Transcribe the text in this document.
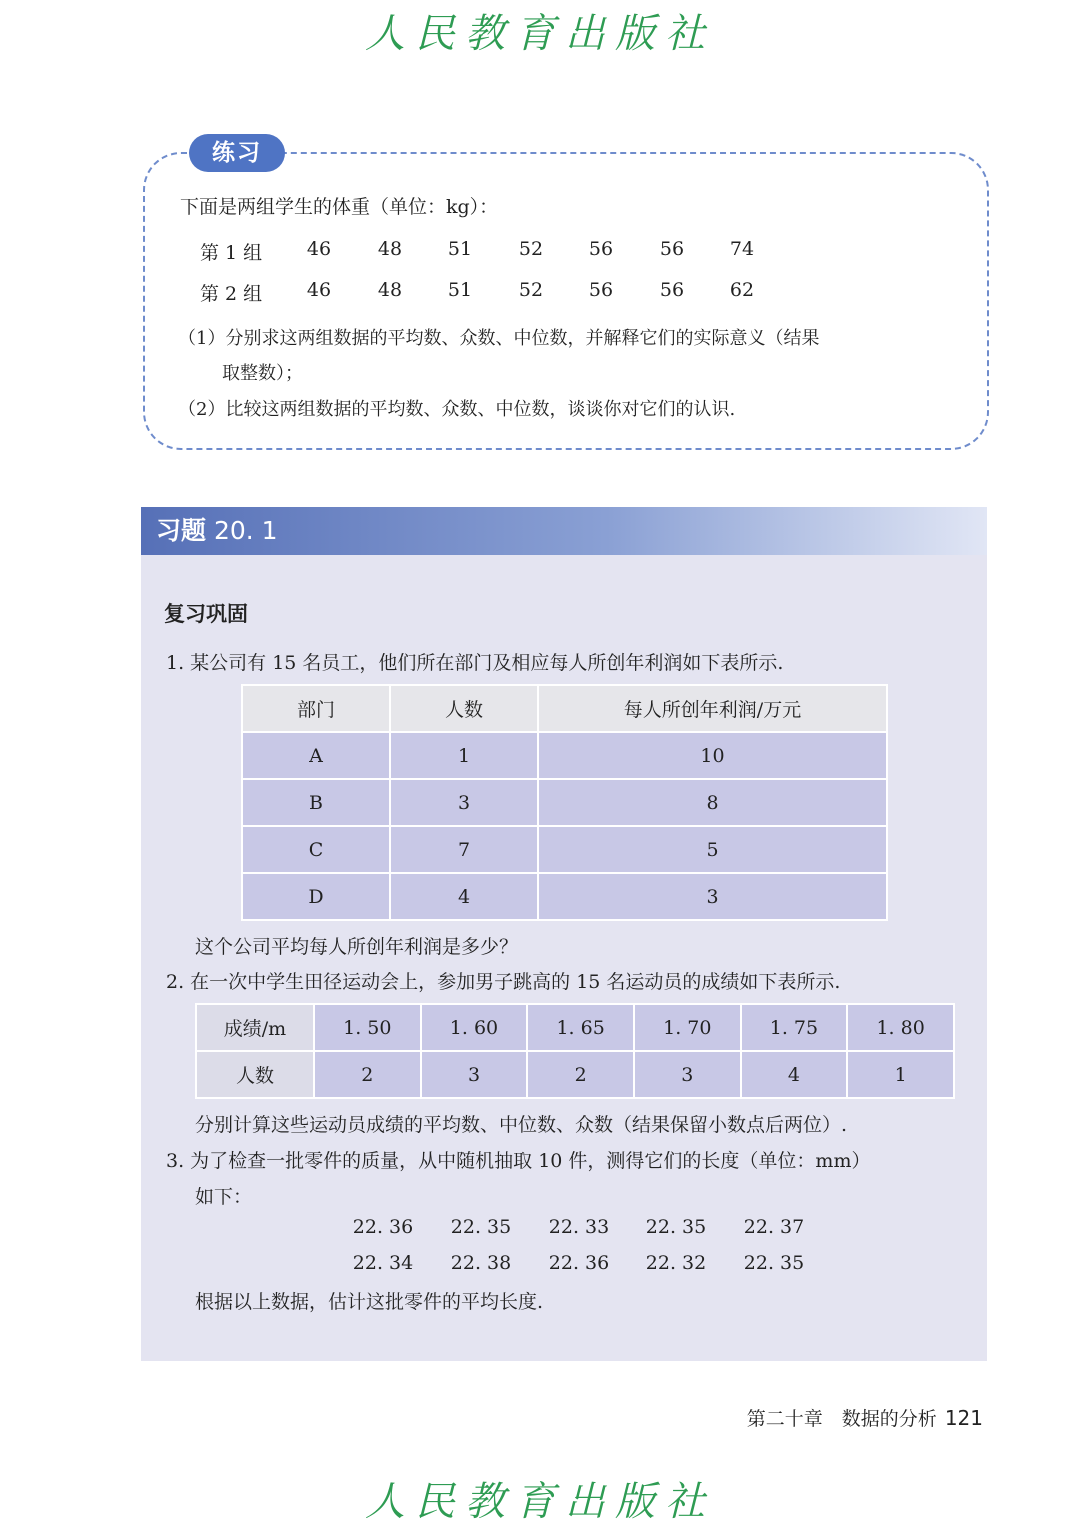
人民教育出版社
练习
下面是两组学生的体重（单位：kg）：
第 1 组	46	48	51	52	56	56	74
第 2 组	46	48	51	52	56	56	62
（1）分别求这两组数据的平均数、众数、中位数，并解释它们的实际意义（结果
取整数）；
（2）比较这两组数据的平均数、众数、中位数，谈谈你对它们的认识.
习题 20. 1
复习巩固
1. 某公司有 15 名员工，他们所在部门及相应每人所创年利润如下表所示.
部门	人数	每人所创年利润/万元
A	1	10
B	3	8
C	7	5
D	4	3
这个公司平均每人所创年利润是多少？
2. 在一次中学生田径运动会上，参加男子跳高的 15 名运动员的成绩如下表所示.
成绩/m	1. 50	1. 60	1. 65	1. 70	1. 75	1. 80
人数	2	3	2	3	4	1
分别计算这些运动员成绩的平均数、中位数、众数（结果保留小数点后两位）.
3. 为了检查一批零件的质量，从中随机抽取 10 件，测得它们的长度（单位：mm）
如下：
22. 36 22. 35 22. 33 22. 35 22. 37
22. 34 22. 38 22. 36 22. 32 22. 35
根据以上数据，估计这批零件的平均长度.
第二十章　数据的分析 121
人民教育出版社
